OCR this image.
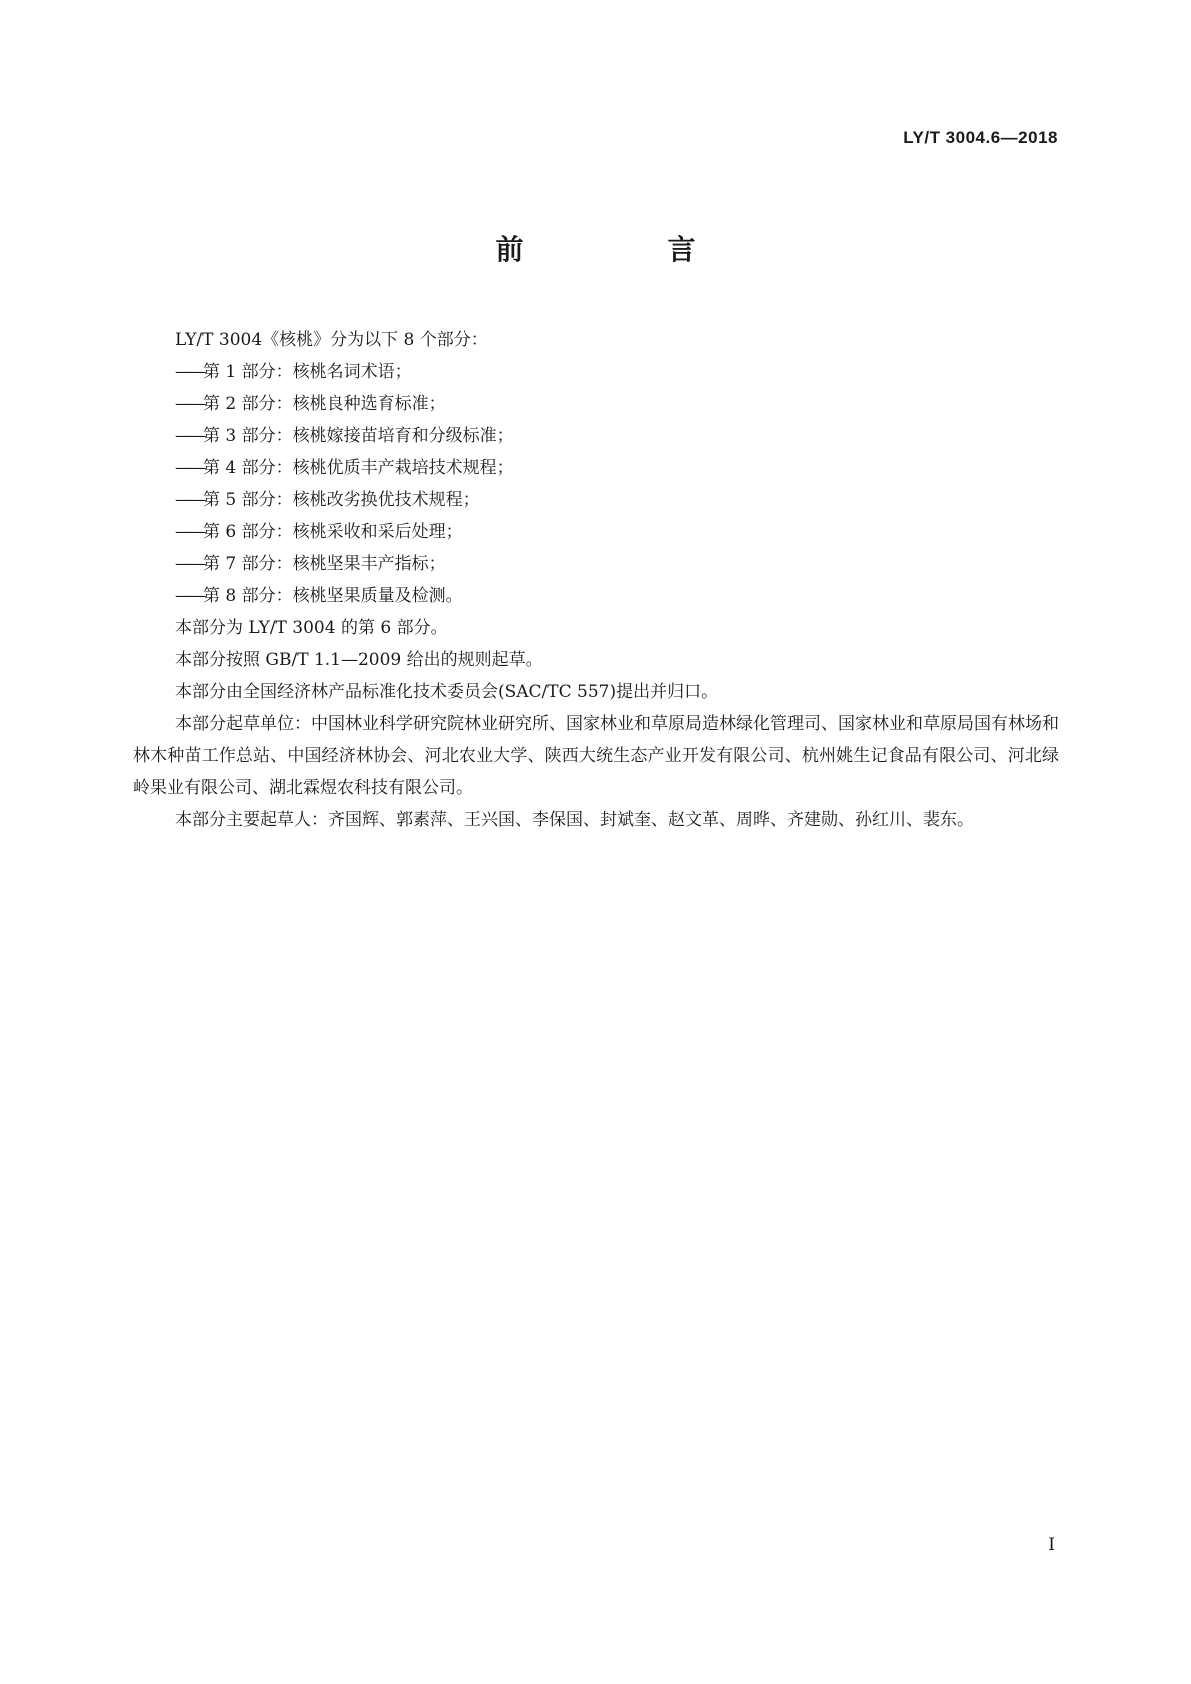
LY/T 3004.6—2018
前　言

LY/T 3004《核桃》分为以下 8 个部分：

——第 1 部分：核桃名词术语；
——第 2 部分：核桃良种选育标准；
——第 3 部分：核桃嫁接苗培育和分级标准；
——第 4 部分：核桃优质丰产栽培技术规程；
——第 5 部分：核桃改劣换优技术规程；
——第 6 部分：核桃采收和采后处理；
——第 7 部分：核桃坚果丰产指标；
——第 8 部分：核桃坚果质量及检测。

本部分为 LY/T 3004 的第 6 部分。

本部分按照 GB/T 1.1—2009 给出的规则起草。

本部分由全国经济林产品标准化技术委员会(SAC/TC 557)提出并归口。

本部分起草单位：中国林业科学研究院林业研究所、国家林业和草原局造林绿化管理司、国家林业和草原局国有林场和林木种苗工作总站、中国经济林协会、河北农业大学、陕西大统生态产业开发有限公司、杭州姚生记食品有限公司、河北绿岭果业有限公司、湖北霖煜农科技有限公司。

本部分主要起草人：齐国辉、郭素萍、王兴国、李保国、封斌奎、赵文革、周晔、齐建勋、孙红川、裴东。

I
